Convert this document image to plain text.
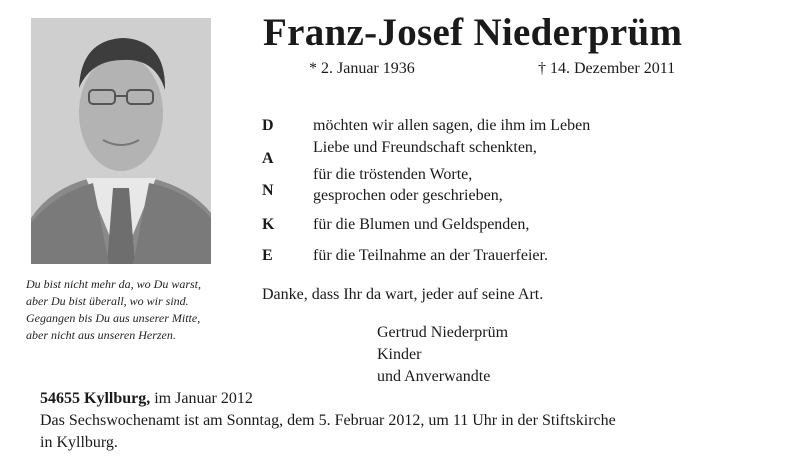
Du bist nicht mehr da, wo Du warst,
aber Du bist überall, wo wir sind.
Gegangen bis Du aus unserer Mitte,
aber nicht aus unseren Herzen.
Franz-Josef Niederprüm
* 2. Januar 1936	† 14. Dezember 2011
D
A
N
K
E
möchten wir allen sagen, die ihm im Leben
Liebe und Freundschaft schenkten,
für die tröstenden Worte,
gesprochen oder geschrieben,
für die Blumen und Geldspenden,
für die Teilnahme an der Trauerfeier.
Danke, dass Ihr da wart, jeder auf seine Art.
Gertrud Niederprüm
Kinder
und Anverwandte
54655 Kyllburg, im Januar 2012
Das Sechswochenamt ist am Sonntag, dem 5. Februar 2012, um 11 Uhr in der Stiftskirche
in Kyllburg.
